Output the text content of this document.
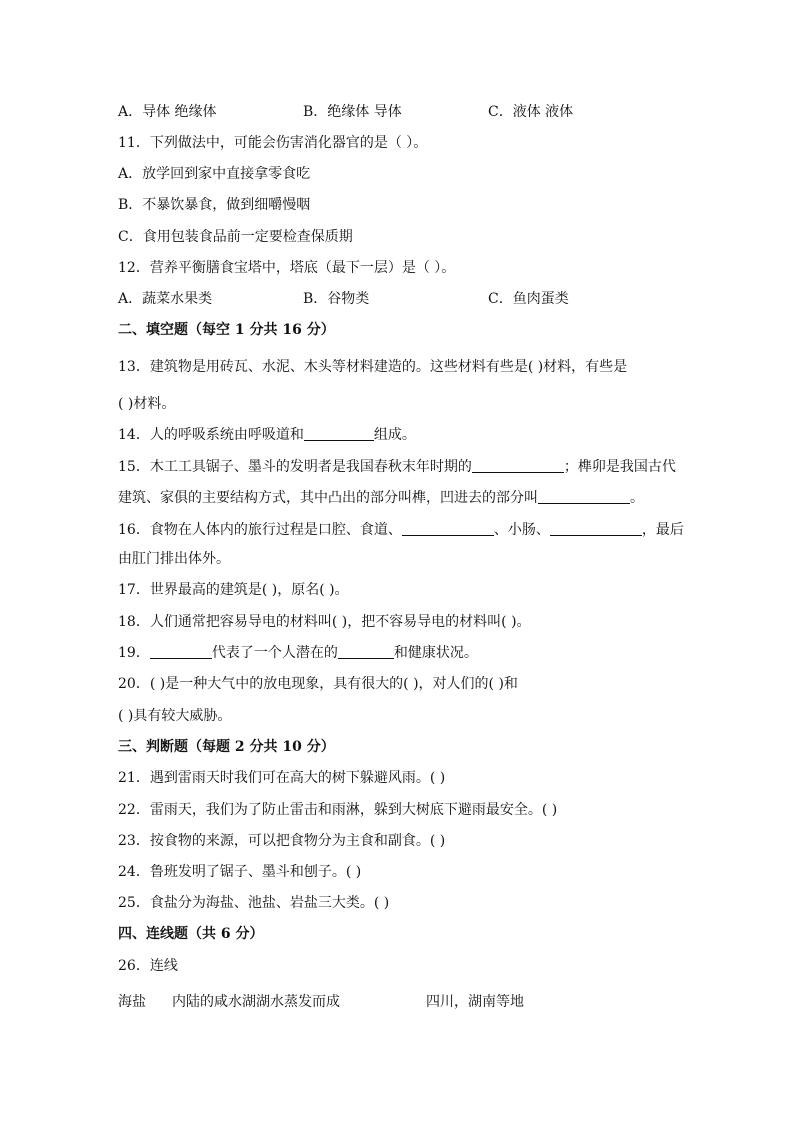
A．导体 绝缘体	B．绝缘体 导体	C．液体 液体
11．下列做法中，可能会伤害消化器官的是（ ）。
A．放学回到家中直接拿零食吃
B．不暴饮暴食，做到细嚼慢咽
C．食用包装食品前一定要检查保质期
12．营养平衡膳食宝塔中，塔底（最下一层）是（ ）。
A．蔬菜水果类	B．谷物类	C．鱼肉蛋类
二、填空题（每空 1 分共 16 分）
13．建筑物是用砖瓦、水泥、木头等材料建造的。这些材料有些是( )材料，有些是
( )材料。
14．人的呼吸系统由呼吸道和	组成。
15．木工工具锯子、墨斗的发明者是我国春秋末年时期的	；榫卯是我国古代
建筑、家俱的主要结构方式，其中凸出的部分叫榫，凹进去的部分叫	。
16．食物在人体内的旅行过程是口腔、食道、	、小肠、	，最后
由肛门排出体外。
17．世界最高的建筑是( )，原名( )。
18．人们通常把容易导电的材料叫( )，把不容易导电的材料叫( )。
19．	代表了一个人潜在的	和健康状况。
20．( )是一种大气中的放电现象，具有很大的( )，对人们的( )和
( )具有较大威胁。
三、判断题（每题 2 分共 10 分）
21．遇到雷雨天时我们可在高大的树下躲避风雨。( )
22．雷雨天，我们为了防止雷击和雨淋，躲到大树底下避雨最安全。( )
23．按食物的来源，可以把食物分为主食和副食。( )
24．鲁班发明了锯子、墨斗和刨子。( )
25．食盐分为海盐、池盐、岩盐三大类。( )
四、连线题（共 6 分）
26．连线
海盐 内陆的咸水湖湖水蒸发而成	四川，湖南等地
